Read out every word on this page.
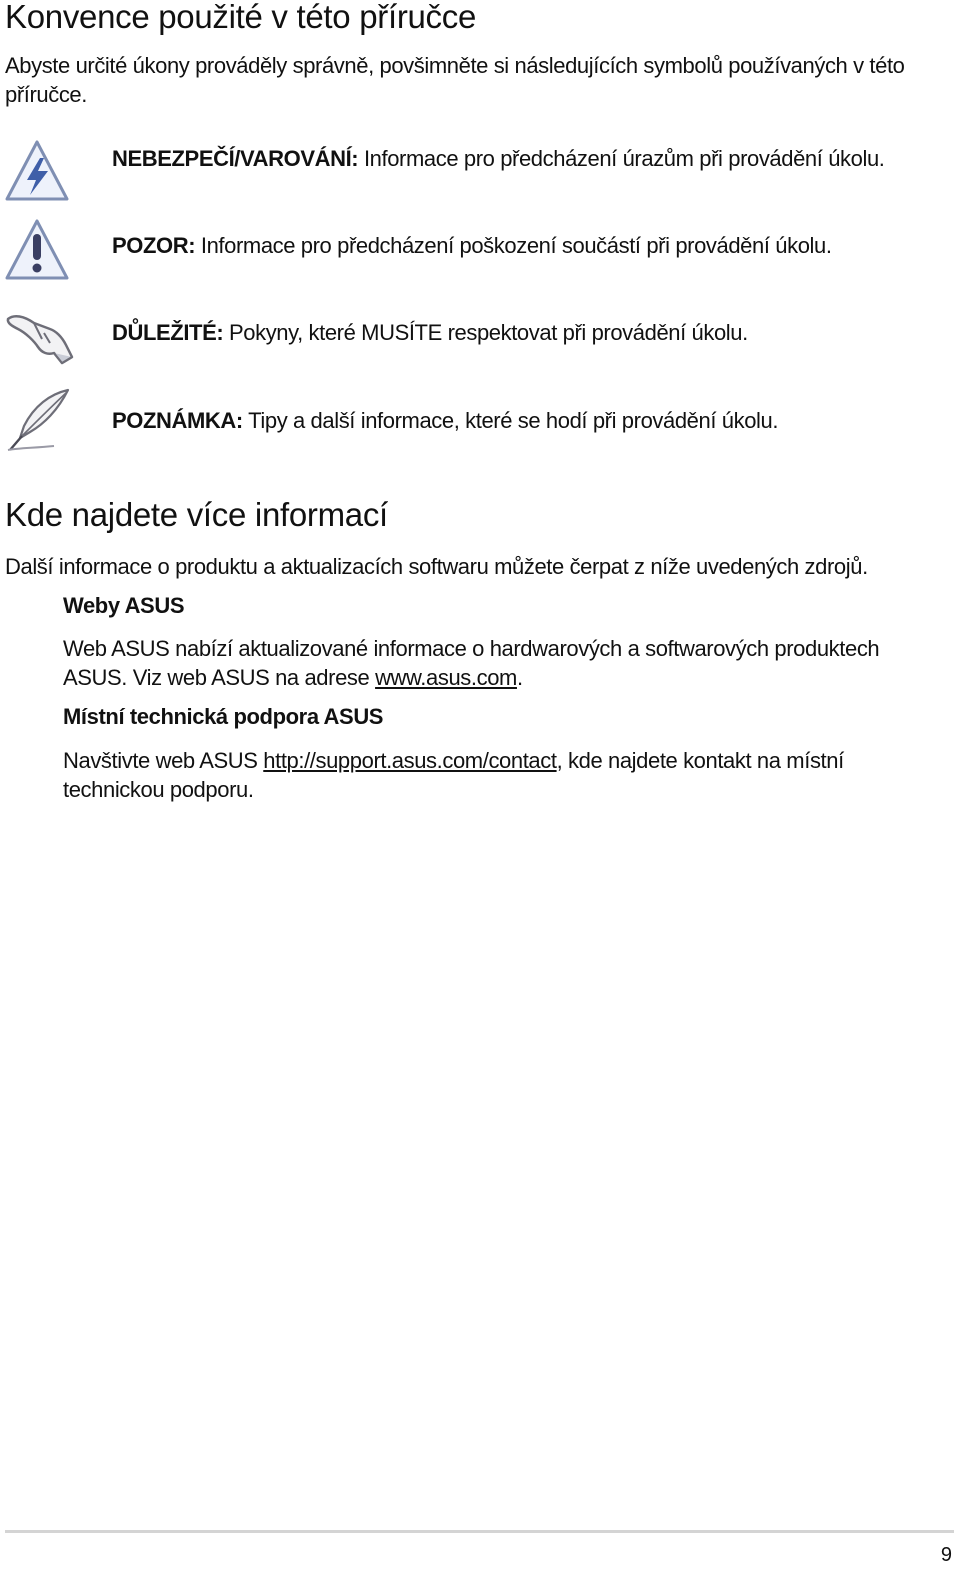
Konvence použité v této příručce

Abyste určité úkony prováděly správně, povšimněte si následujících symbolů používaných v této příručce.

NEBEZPEČÍ/VAROVÁNÍ: Informace pro předcházení úrazům při provádění úkolu.
POZOR: Informace pro předcházení poškození součástí při provádění úkolu.
DŮLEŽITÉ: Pokyny, které MUSÍTE respektovat při provádění úkolu.
POZNÁMKA: Tipy a další informace, které se hodí při provádění úkolu.
Kde najdete více informací

Další informace o produktu a aktualizacích softwaru můžete čerpat z níže uvedených zdrojů.

Weby ASUS

Web ASUS nabízí aktualizované informace o hardwarových a softwarových produktech ASUS. Viz web ASUS na adrese www.asus.com.

Místní technická podpora ASUS

Navštivte web ASUS http://support.asus.com/contact, kde najdete kontakt na místní technickou podporu.

9
